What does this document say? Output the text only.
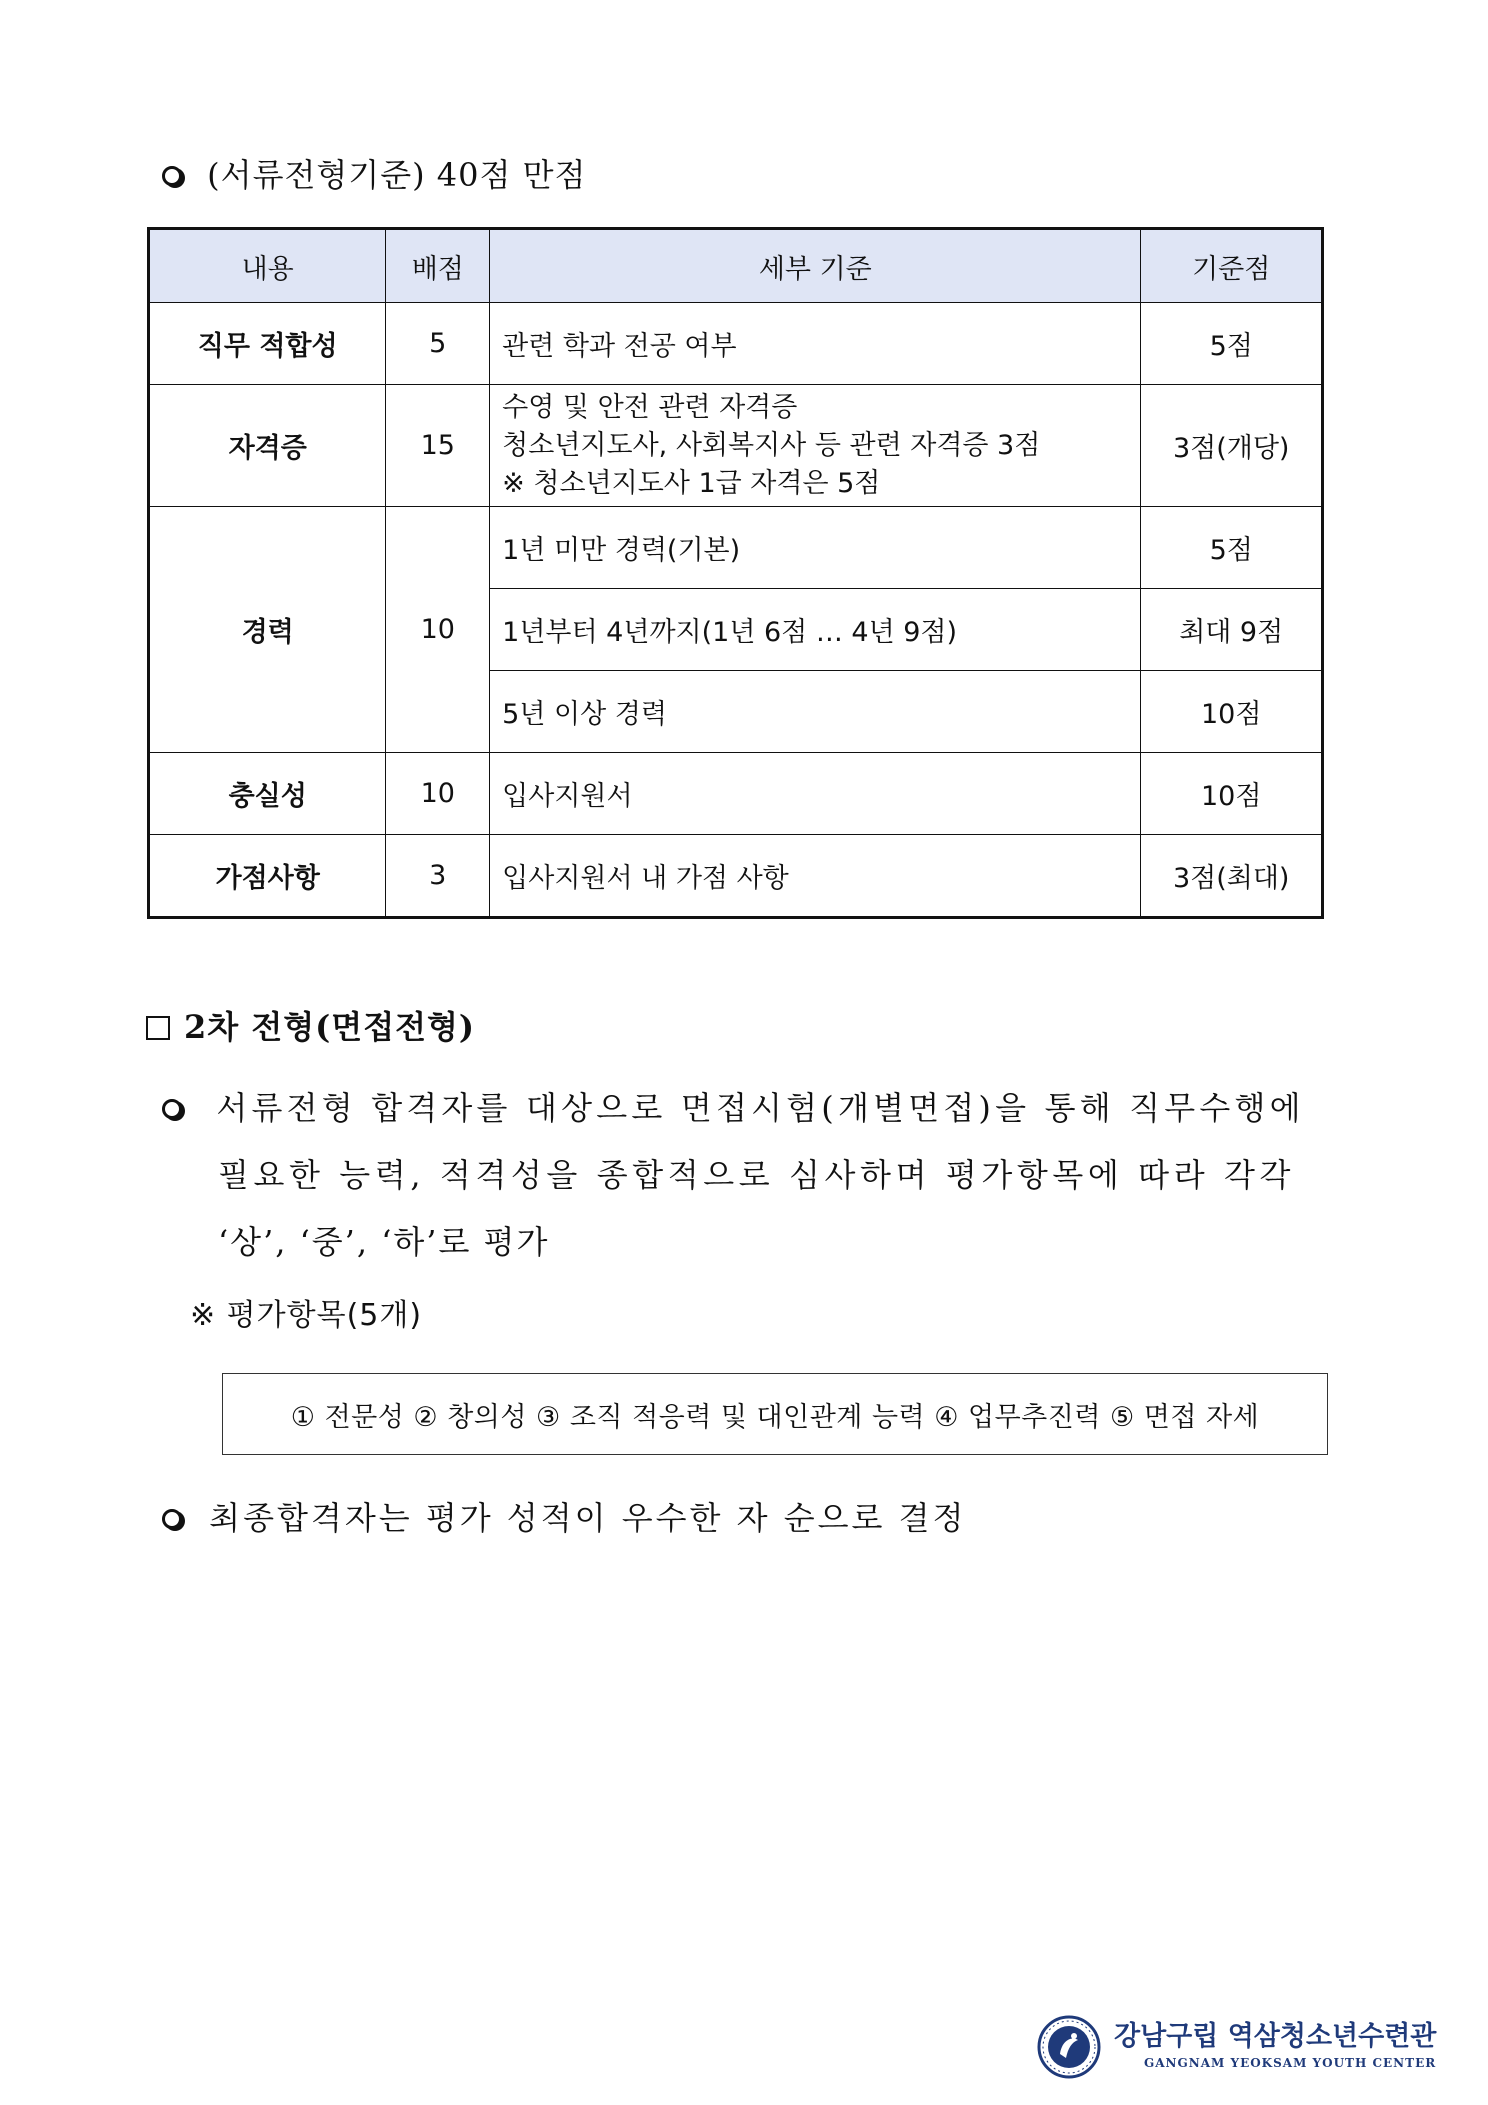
(서류전형기준) 40점 만점
내용	배점	세부 기준	기준점
직무 적합성	5	관련 학과 전공 여부	5점
자격증	15	수영 및 안전 관련 자격증
청소년지도사, 사회복지사 등 관련 자격증 3점
※ 청소년지도사 1급 자격은 5점	3점(개당)
경력	10	1년 미만 경력(기본)	5점
		1년부터 4년까지(1년 6점 … 4년 9점)	최대 9점
		5년 이상 경력	10점
충실성	10	입사지원서	10점
가점사항	3	입사지원서 내 가점 사항	3점(최대)
2차 전형(면접전형)
서류전형 합격자를 대상으로 면접시험(개별면접)을 통해 직무수행에
필요한 능력, 적격성을 종합적으로 심사하며 평가항목에 따라 각각
‘상’, ‘중’, ‘하’로 평가
※ 평가항목(5개)
① 전문성 ② 창의성 ③ 조직 적응력 및 대인관계 능력 ④ 업무추진력 ⑤ 면접 자세
최종합격자는 평가 성적이 우수한 자 순으로 결정
강남구립 역삼청소년수련관
GANGNAM YEOKSAM YOUTH CENTER
